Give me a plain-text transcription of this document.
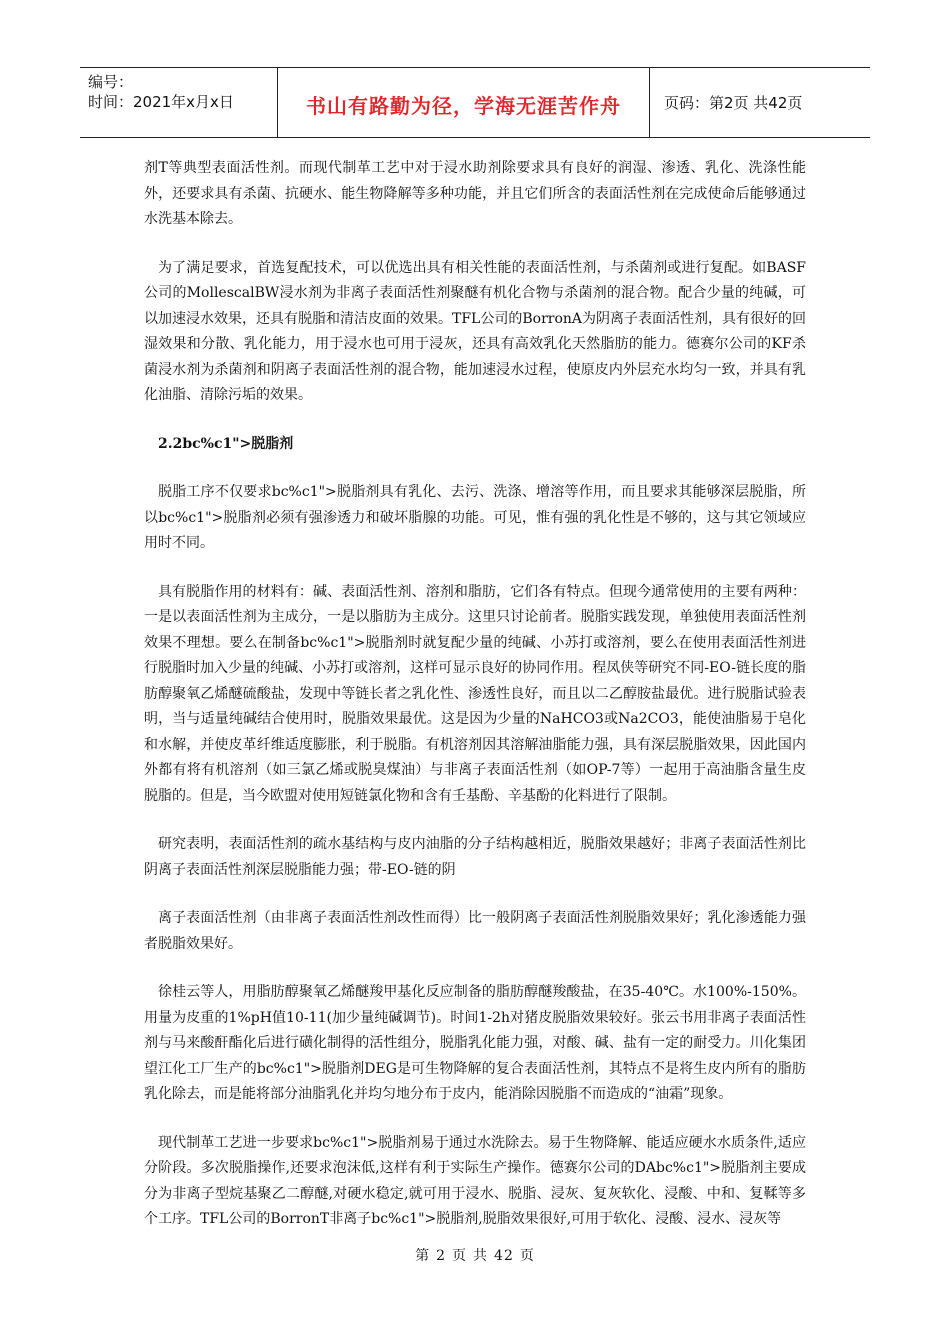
编号：
时间：2021年x月x日	书山有路勤为径，学海无涯苦作舟	页码：第2页 共42页

剂T等典型表面活性剂。而现代制革工艺中对于浸水助剂除要求具有良好的润湿、渗透、乳化、洗涤性能外，还要求具有杀菌、抗硬水、能生物降解等多种功能，并且它们所含的表面活性剂在完成使命后能够通过水洗基本除去。

为了满足要求，首选复配技术，可以优选出具有相关性能的表面活性剂，与杀菌剂或进行复配。如BASF公司的MollescalBW浸水剂为非离子表面活性剂聚醚有机化合物与杀菌剂的混合物。配合少量的纯碱，可以加速浸水效果，还具有脱脂和清洁皮面的效果。TFL公司的BorronA为阴离子表面活性剂，具有很好的回湿效果和分散、乳化能力，用于浸水也可用于浸灰，还具有高效乳化天然脂肪的能力。德赛尔公司的KF杀菌浸水剂为杀菌剂和阴离子表面活性剂的混合物，能加速浸水过程，使原皮内外层充水均匀一致，并具有乳化油脂、清除污垢的效果。

2.2bc%c1">脱脂剂

脱脂工序不仅要求bc%c1">脱脂剂具有乳化、去污、洗涤、增溶等作用，而且要求其能够深层脱脂，所以bc%c1">脱脂剂必须有强渗透力和破坏脂腺的功能。可见，惟有强的乳化性是不够的，这与其它领域应用时不同。

具有脱脂作用的材料有：碱、表面活性剂、溶剂和脂肪，它们各有特点。但现今通常使用的主要有两种：一是以表面活性剂为主成分，一是以脂肪为主成分。这里只讨论前者。脱脂实践发现，单独使用表面活性剂效果不理想。要么在制备bc%c1">脱脂剂时就复配少量的纯碱、小苏打或溶剂，要么在使用表面活性剂进行脱脂时加入少量的纯碱、小苏打或溶剂，这样可显示良好的协同作用。程凤侠等研究不同-EO-链长度的脂肪醇聚氧乙烯醚硫酸盐，发现中等链长者之乳化性、渗透性良好，而且以二乙醇胺盐最优。进行脱脂试验表明，当与适量纯碱结合使用时，脱脂效果最优。这是因为少量的NaHCO3或Na2CO3，能使油脂易于皂化和水解，并使皮革纤维适度膨胀，利于脱脂。有机溶剂因其溶解油脂能力强，具有深层脱脂效果，因此国内外都有将有机溶剂（如三氯乙烯或脱臭煤油）与非离子表面活性剂（如OP-7等）一起用于高油脂含量生皮脱脂的。但是，当今欧盟对使用短链氯化物和含有壬基酚、辛基酚的化料进行了限制。

研究表明，表面活性剂的疏水基结构与皮内油脂的分子结构越相近，脱脂效果越好；非离子表面活性剂比阴离子表面活性剂深层脱脂能力强；带-EO-链的阴

离子表面活性剂（由非离子表面活性剂改性而得）比一般阴离子表面活性剂脱脂效果好；乳化渗透能力强者脱脂效果好。

徐桂云等人，用脂肪醇聚氧乙烯醚羧甲基化反应制备的脂肪醇醚羧酸盐，在35-40℃。水100%-150%。用量为皮重的1%pH值10-11(加少量纯碱调节)。时间1-2h对猪皮脱脂效果较好。张云书用非离子表面活性剂与马来酸酐酯化后进行磺化制得的活性组分，脱脂乳化能力强，对酸、碱、盐有一定的耐受力。川化集团望江化工厂生产的bc%c1">脱脂剂DEG是可生物降解的复合表面活性剂，其特点不是将生皮内所有的脂肪乳化除去，而是能将部分油脂乳化并均匀地分布于皮内，能消除因脱脂不而造成的“油霜”现象。

现代制革工艺进一步要求bc%c1">脱脂剂易于通过水洗除去。易于生物降解、能适应硬水水质条件,适应分阶段。多次脱脂操作,还要求泡沫低,这样有利于实际生产操作。德赛尔公司的DAbc%c1">脱脂剂主要成分为非离子型烷基聚乙二醇醚,对硬水稳定,就可用于浸水、脱脂、浸灰、复灰软化、浸酸、中和、复鞣等多个工序。TFL公司的BorronT非离子bc%c1">脱脂剂,脱脂效果很好,可用于软化、浸酸、浸水、浸灰等

第 2 页 共 42 页
